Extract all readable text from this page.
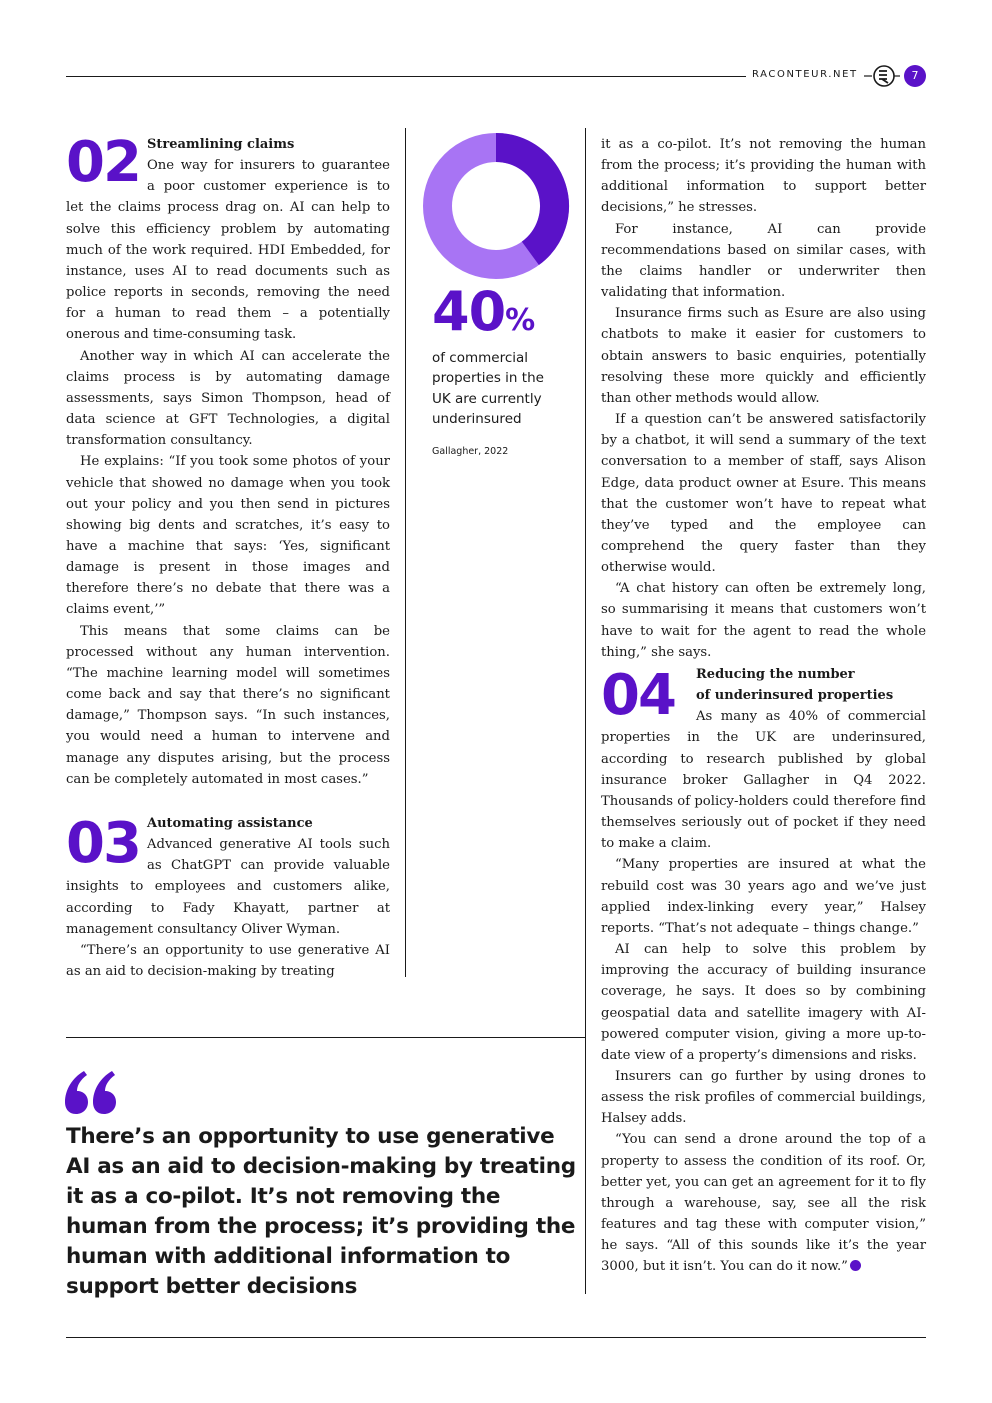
RACONTEUR.NET	7
02 Streamlining claims
One way for insurers to guarantee
a poor customer experience is to

let the claims process drag on. AI can help to solve this efficiency problem by automating much of the work required. HDI Embedded, for instance, uses AI to read documents such as police reports in seconds, removing the need for a human to read them – a potentially onerous and time-consuming task.

Another way in which AI can accelerate the claims process is by automating damage assessments, says Simon Thompson, head of data science at GFT Technologies, a digital transformation consultancy.

He explains: “If you took some photos of your vehicle that showed no damage when you took out your policy and you then send in pictures showing big dents and scratches, it’s easy to have a machine that says: ‘Yes, significant damage is present in those images and therefore there’s no debate that there was a claims event,’”

This means that some claims can be processed without any human intervention. “The machine learning model will sometimes come back and say that there’s no significant damage,” Thompson says. “In such instances, you would need a human to intervene and manage any disputes arising, but the process can be completely automated in most cases.”

03 Automating assistance
Advanced generative AI tools such
as ChatGPT can provide valuable

insights to employees and customers alike, according to Fady Khayatt, partner at management consultancy Oliver Wyman.

“There’s an opportunity to use generative AI as an aid to decision-making by treating

40%
of commercial properties in the UK are currently underinsured
Gallagher, 2022

it as a co-pilot. It’s not removing the human from the process; it’s providing the human with additional information to support better decisions,” he stresses.

For instance, AI can provide recommendations based on similar cases, with the claims handler or underwriter then validating that information.

Insurance firms such as Esure are also using chatbots to make it easier for customers to obtain answers to basic enquiries, potentially resolving these more quickly and efficiently than other methods would allow.

If a question can’t be answered satisfactorily by a chatbot, it will send a summary of the text conversation to a member of staff, says Alison Edge, data product owner at Esure. This means that the customer won’t have to repeat what they’ve typed and the employee can comprehend the query faster than they otherwise would.

“A chat history can often be extremely long, so summarising it means that customers won’t have to wait for the agent to read the whole thing,” she says.

04	Reducing the number
of underinsured properties
As many as 40% of commercial

properties in the UK are underinsured, according to research published by global insurance broker Gallagher in Q4 2022. Thousands of policy-holders could therefore find themselves seriously out of pocket if they need to make a claim.

“Many properties are insured at what the rebuild cost was 30 years ago and we’ve just applied index-linking every year,” Halsey reports. “That’s not adequate – things change.”

AI can help to solve this problem by improving the accuracy of building insurance coverage, he says. It does so by combining geospatial data and satellite imagery with AI-powered computer vision, giving a more up-to-date view of a property’s dimensions and risks.

Insurers can go further by using drones to assess the risk profiles of commercial buildings, Halsey adds.

“You can send a drone around the top of a property to assess the condition of its roof. Or, better yet, you can get an agreement for it to fly through a warehouse, say, see all the risk features and tag these with computer vision,” he says. “All of this sounds like it’s the year 3000, but it isn’t. You can do it now.”

There’s an opportunity to use generative AI as an aid to decision-making by treating it as a co-pilot. It’s not removing the human from the process; it’s providing the human with additional information to support better decisions
